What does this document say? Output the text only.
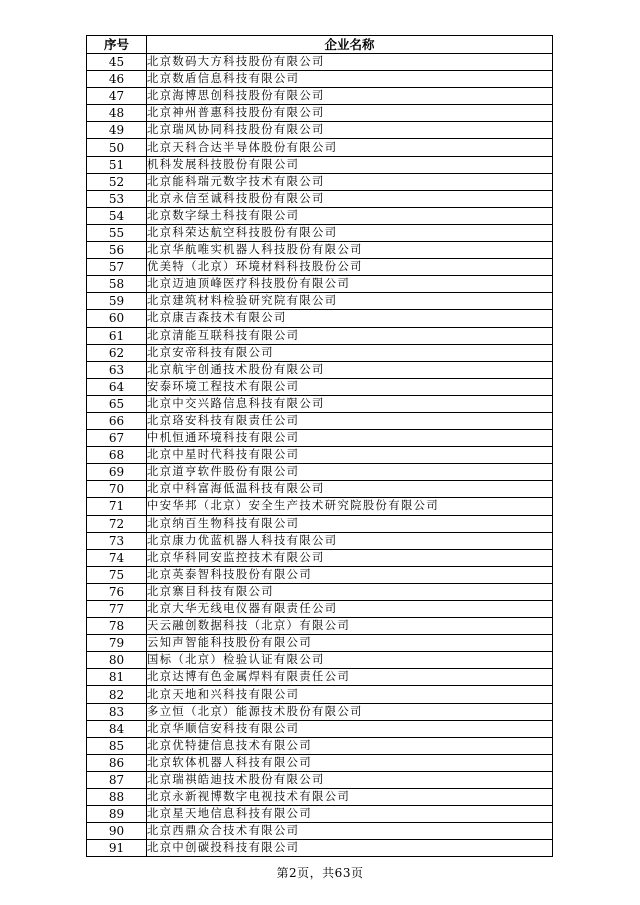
序号	企业名称
45	北京数码大方科技股份有限公司
46	北京数盾信息科技有限公司
47	北京海博思创科技股份有限公司
48	北京神州普惠科技股份有限公司
49	北京瑞风协同科技股份有限公司
50	北京天科合达半导体股份有限公司
51	机科发展科技股份有限公司
52	北京能科瑞元数字技术有限公司
53	北京永信至诚科技股份有限公司
54	北京数字绿土科技有限公司
55	北京科荣达航空科技股份有限公司
56	北京华航唯实机器人科技股份有限公司
57	优美特（北京）环境材料科技股份公司
58	北京迈迪顶峰医疗科技股份有限公司
59	北京建筑材料检验研究院有限公司
60	北京康吉森技术有限公司
61	北京清能互联科技有限公司
62	北京安帝科技有限公司
63	北京航宇创通技术股份有限公司
64	安泰环境工程技术有限公司
65	北京中交兴路信息科技有限公司
66	北京珞安科技有限责任公司
67	中机恒通环境科技有限公司
68	北京中星时代科技有限公司
69	北京道亨软件股份有限公司
70	北京中科富海低温科技有限公司
71	中安华邦（北京）安全生产技术研究院股份有限公司
72	北京纳百生物科技有限公司
73	北京康力优蓝机器人科技有限公司
74	北京华科同安监控技术有限公司
75	北京英泰智科技股份有限公司
76	北京寨目科技有限公司
77	北京大华无线电仪器有限责任公司
78	天云融创数据科技（北京）有限公司
79	云知声智能科技股份有限公司
80	国标（北京）检验认证有限公司
81	北京达博有色金属焊料有限责任公司
82	北京天地和兴科技有限公司
83	多立恒（北京）能源技术股份有限公司
84	北京华顺信安科技有限公司
85	北京优特捷信息技术有限公司
86	北京软体机器人科技有限公司
87	北京瑞祺皓迪技术股份有限公司
88	北京永新视博数字电视技术有限公司
89	北京星天地信息科技有限公司
90	北京西鼎众合技术有限公司
91	北京中创碳投科技有限公司
第2页，共63页
